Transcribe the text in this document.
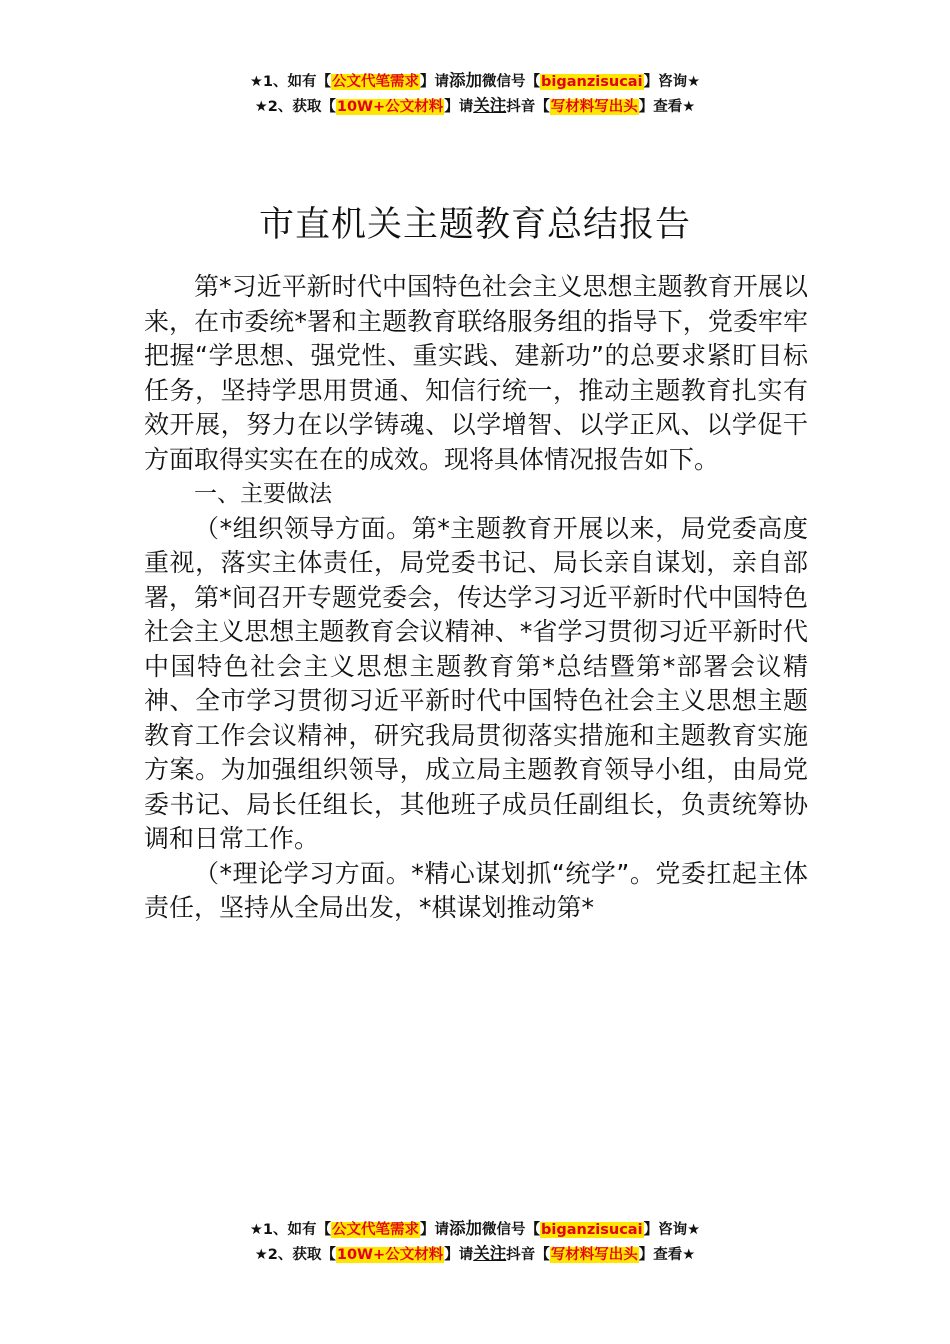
★1、如有【公文代笔需求】请添加微信号【biganzisucai】咨询★
★2、获取【10W+公文材料】请关注抖音【写材料写出头】查看★
市直机关主题教育总结报告

第*习近平新时代中国特色社会主义思想主题教育开展以来，在市委统*署和主题教育联络服务组的指导下，党委牢牢把握“学思想、强党性、重实践、建新功”的总要求紧盯目标任务，坚持学思用贯通、知信行统一，推动主题教育扎实有效开展，努力在以学铸魂、以学增智、以学正风、以学促干方面取得实实在在的成效。现将具体情况报告如下。

一、主要做法

（*组织领导方面。第*主题教育开展以来，局党委高度重视，落实主体责任，局党委书记、局长亲自谋划，亲自部署，第*间召开专题党委会，传达学习习近平新时代中国特色社会主义思想主题教育会议精神、*省学习贯彻习近平新时代中国特色社会主义思想主题教育第*总结暨第*部署会议精神、全市学习贯彻习近平新时代中国特色社会主义思想主题教育工作会议精神，研究我局贯彻落实措施和主题教育实施方案。为加强组织领导，成立局主题教育领导小组，由局党委书记、局长任组长，其他班子成员任副组长，负责统筹协调和日常工作。

（*理论学习方面。*精心谋划抓“统学”。党委扛起主体责任，坚持从全局出发，*棋谋划推动第*

★1、如有【公文代笔需求】请添加微信号【biganzisucai】咨询★
★2、获取【10W+公文材料】请关注抖音【写材料写出头】查看★
